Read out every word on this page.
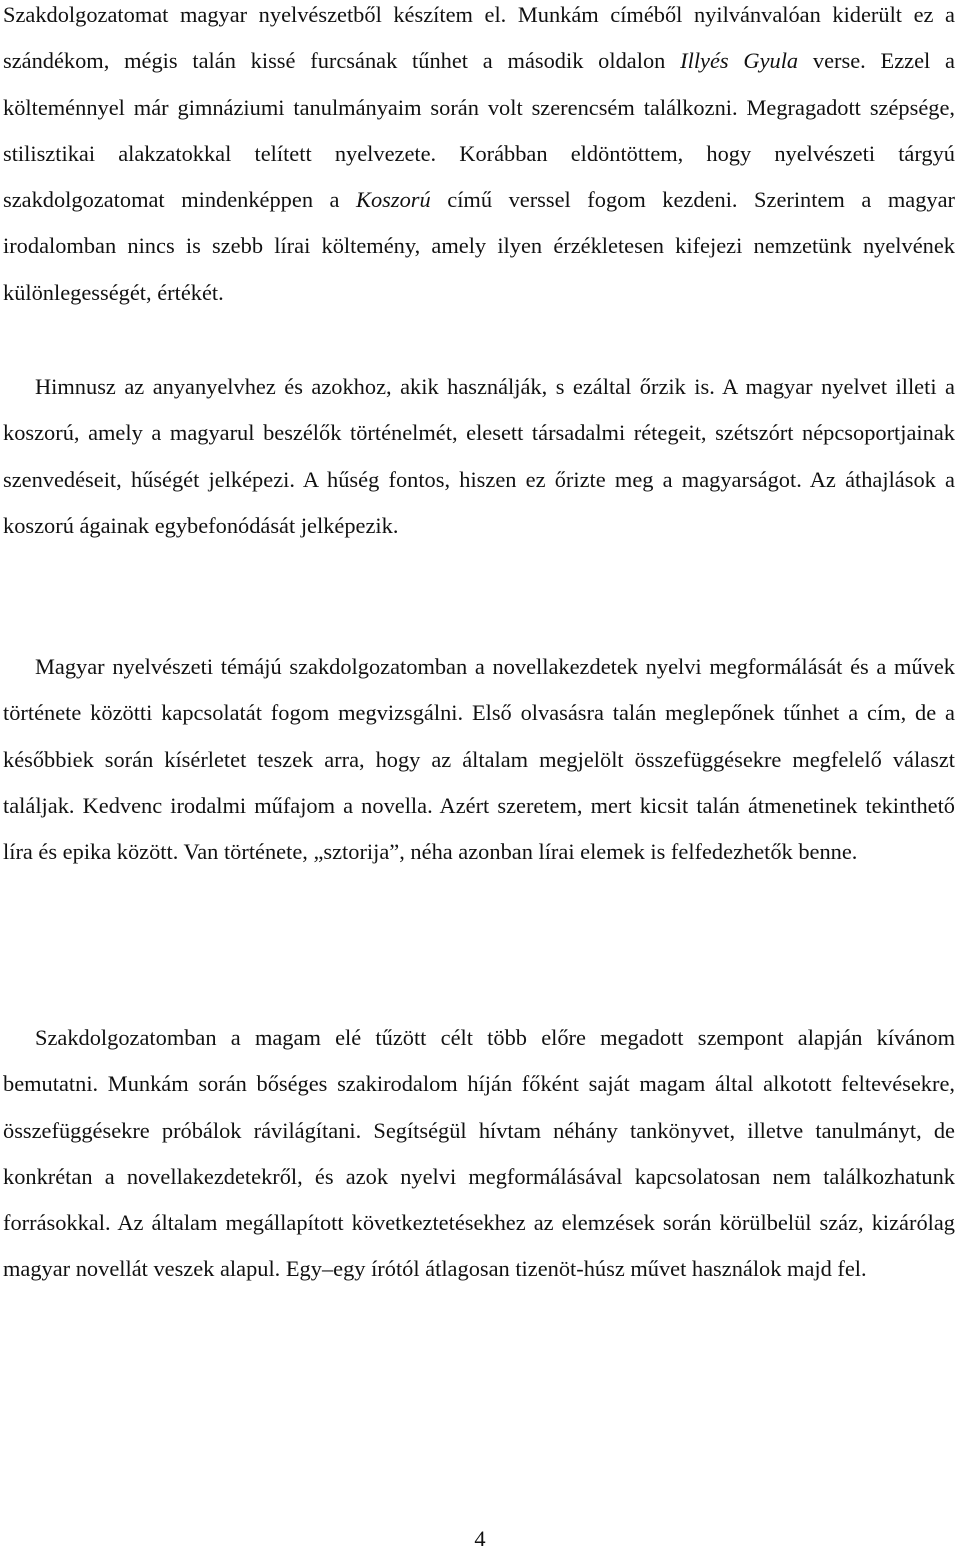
Szakdolgozatomat magyar nyelvészetből készítem el. Munkám címéből nyilvánvalóan kiderült ez a szándékom, mégis talán kissé furcsának tűnhet a második oldalon Illyés Gyula verse. Ezzel a költeménnyel már gimnáziumi tanulmányaim során volt szerencsém találkozni. Megragadott szépsége, stilisztikai alakzatokkal telített nyelvezete. Korábban eldöntöttem, hogy nyelvészeti tárgyú szakdolgozatomat mindenképpen a Koszorú című verssel fogom kezdeni. Szerintem a magyar irodalomban nincs is szebb lírai költemény, amely ilyen érzékletesen kifejezi nemzetünk nyelvének különlegességét, értékét.

Himnusz az anyanyelvhez és azokhoz, akik használják, s ezáltal őrzik is. A magyar nyelvet illeti a koszorú, amely a magyarul beszélők történelmét, elesett társadalmi rétegeit, szétszórt népcsoportjainak szenvedéseit, hűségét jelképezi. A hűség fontos, hiszen ez őrizte meg a magyarságot. Az áthajlások a koszorú ágainak egybefonódását jelképezik.

Magyar nyelvészeti témájú szakdolgozatomban a novellakezdetek nyelvi megformálását és a művek története közötti kapcsolatát fogom megvizsgálni. Első olvasásra talán meglepőnek tűnhet a cím, de a későbbiek során kísérletet teszek arra, hogy az általam megjelölt összefüggésekre megfelelő választ találjak. Kedvenc irodalmi műfajom a novella. Azért szeretem, mert kicsit talán átmenetinek tekinthető líra és epika között. Van története, „sztorija”, néha azonban lírai elemek is felfedezhetők benne.

Szakdolgozatomban a magam elé tűzött célt több előre megadott szempont alapján kívánom bemutatni. Munkám során bőséges szakirodalom híján főként saját magam által alkotott feltevésekre, összefüggésekre próbálok rávilágítani. Segítségül hívtam néhány tankönyvet, illetve tanulmányt, de konkrétan a novellakezdetekről, és azok nyelvi megformálásával kapcsolatosan nem találkozhatunk forrásokkal. Az általam megállapított következtetésekhez az elemzések során körülbelül száz, kizárólag magyar novellát veszek alapul. Egy–egy írótól átlagosan tizenöt-húsz művet használok majd fel.

4
